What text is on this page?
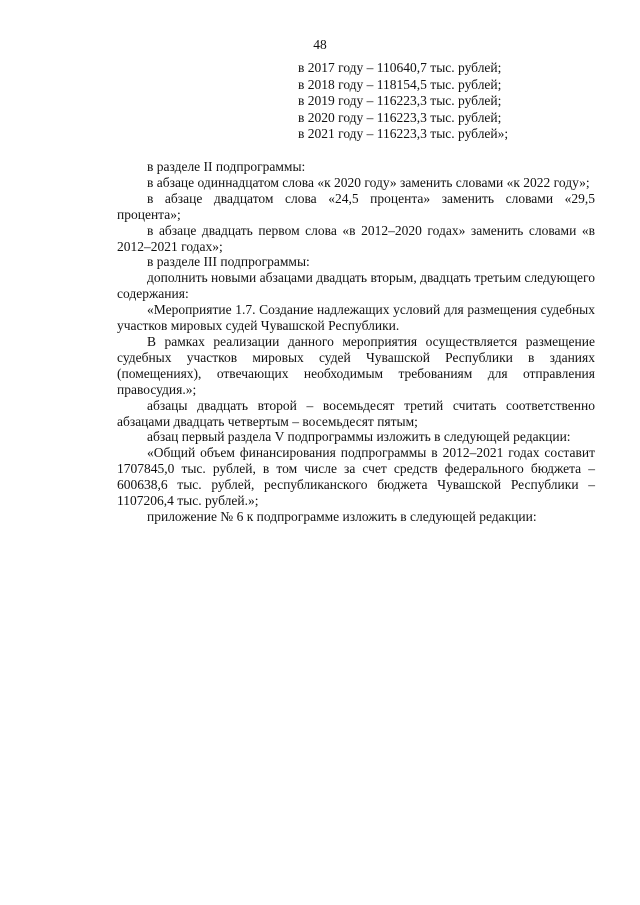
48
в 2017 году – 110640,7 тыс. рублей;
в 2018 году – 118154,5 тыс. рублей;
в 2019 году – 116223,3 тыс. рублей;
в 2020 году – 116223,3 тыс. рублей;
в 2021 году – 116223,3 тыс. рублей»;

в разделе II подпрограммы:

в абзаце одиннадцатом слова «к 2020 году» заменить словами «к 2022 году»;

в абзаце двадцатом слова «24,5 процента» заменить словами «29,5 процента»;

в абзаце двадцать первом слова «в 2012–2020 годах» заменить словами «в 2012–2021 годах»;

в разделе III подпрограммы:

дополнить новыми абзацами двадцать вторым, двадцать третьим следующего содержания:

«Мероприятие 1.7. Создание надлежащих условий для размещения судебных участков мировых судей Чувашской Республики.

В рамках реализации данного мероприятия осуществляется размещение судебных участков мировых судей Чувашской Республики в зданиях (помещениях), отвечающих необходимым требованиям для отправления правосудия.»;

абзацы двадцать второй – восемьдесят третий считать соответственно абзацами двадцать четвертым – восемьдесят пятым;

абзац первый раздела V подпрограммы изложить в следующей редакции:

«Общий объем финансирования подпрограммы в 2012–2021 годах составит 1707845,0 тыс. рублей, в том числе за счет средств федерального бюджета – 600638,6 тыс. рублей, республиканского бюджета Чувашской Республики – 1107206,4 тыс. рублей.»;

приложение № 6 к подпрограмме изложить в следующей редакции:
